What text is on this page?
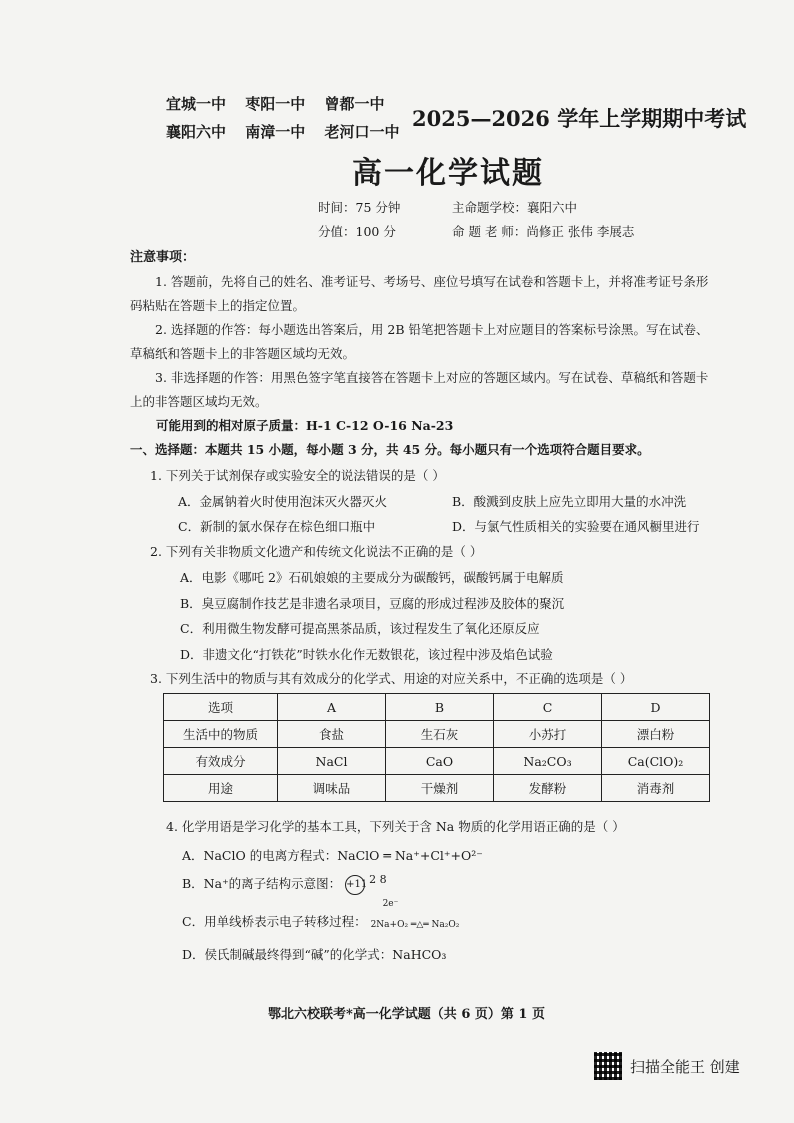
宜城一中 枣阳一中 曾都一中
襄阳六中 南漳一中 老河口一中
2025—2026 学年上学期期中考试
高一化学试题
时间：75 分钟	主命题学校：襄阳六中
分值：100 分	命 题 老 师：尚修正 张伟 李展志
注意事项：
1. 答题前，先将自己的姓名、准考证号、考场号、座位号填写在试卷和答题卡上，并将准考证号条形码粘贴在答题卡上的指定位置。
2. 选择题的作答：每小题选出答案后，用 2B 铅笔把答题卡上对应题目的答案标号涂黑。写在试卷、草稿纸和答题卡上的非答题区域均无效。
3. 非选择题的作答：用黑色签字笔直接答在答题卡上对应的答题区域内。写在试卷、草稿纸和答题卡上的非答题区域均无效。
可能用到的相对原子质量：H-1 C-12 O-16 Na-23
一、选择题：本题共 15 小题，每小题 3 分，共 45 分。每小题只有一个选项符合题目要求。
1. 下列关于试剂保存或实验安全的说法错误的是（ ）
A．金属钠着火时使用泡沫灭火器灭火	B．酸溅到皮肤上应先立即用大量的水冲洗
C．新制的氯水保存在棕色细口瓶中	D．与氯气性质相关的实验要在通风橱里进行
2. 下列有关非物质文化遗产和传统文化说法不正确的是（ ）
A．电影《哪吒 2》石矶娘娘的主要成分为碳酸钙，碳酸钙属于电解质
B．臭豆腐制作技艺是非遗名录项目，豆腐的形成过程涉及胶体的聚沉
C．利用微生物发酵可提高黑茶品质，该过程发生了氧化还原反应
D．非遗文化“打铁花”时铁水化作无数银花，该过程中涉及焰色试验
3. 下列生活中的物质与其有效成分的化学式、用途的对应关系中，不正确的选项是（ ）
选项	A	B	C	D
生活中的物质	食盐	生石灰	小苏打	漂白粉
有效成分	NaCl	CaO	Na₂CO₃	Ca(ClO)₂
用途	调味品	干燥剂	发酵粉	消毒剂
4. 化学用语是学习化学的基本工具，下列关于含 Na 物质的化学用语正确的是（ ）
A．NaClO 的电离方程式：NaClO ═ Na⁺+Cl⁺+O²⁻
B．Na⁺的离子结构示意图： +11 2 8
C．用单线桥表示电子转移过程：
2e⁻
2Na+O₂ ═△═ Na₂O₂
D．侯氏制碱最终得到“碱”的化学式：NaHCO₃
鄂北六校联考*高一化学试题（共 6 页）第 1 页
扫描全能王 创建
